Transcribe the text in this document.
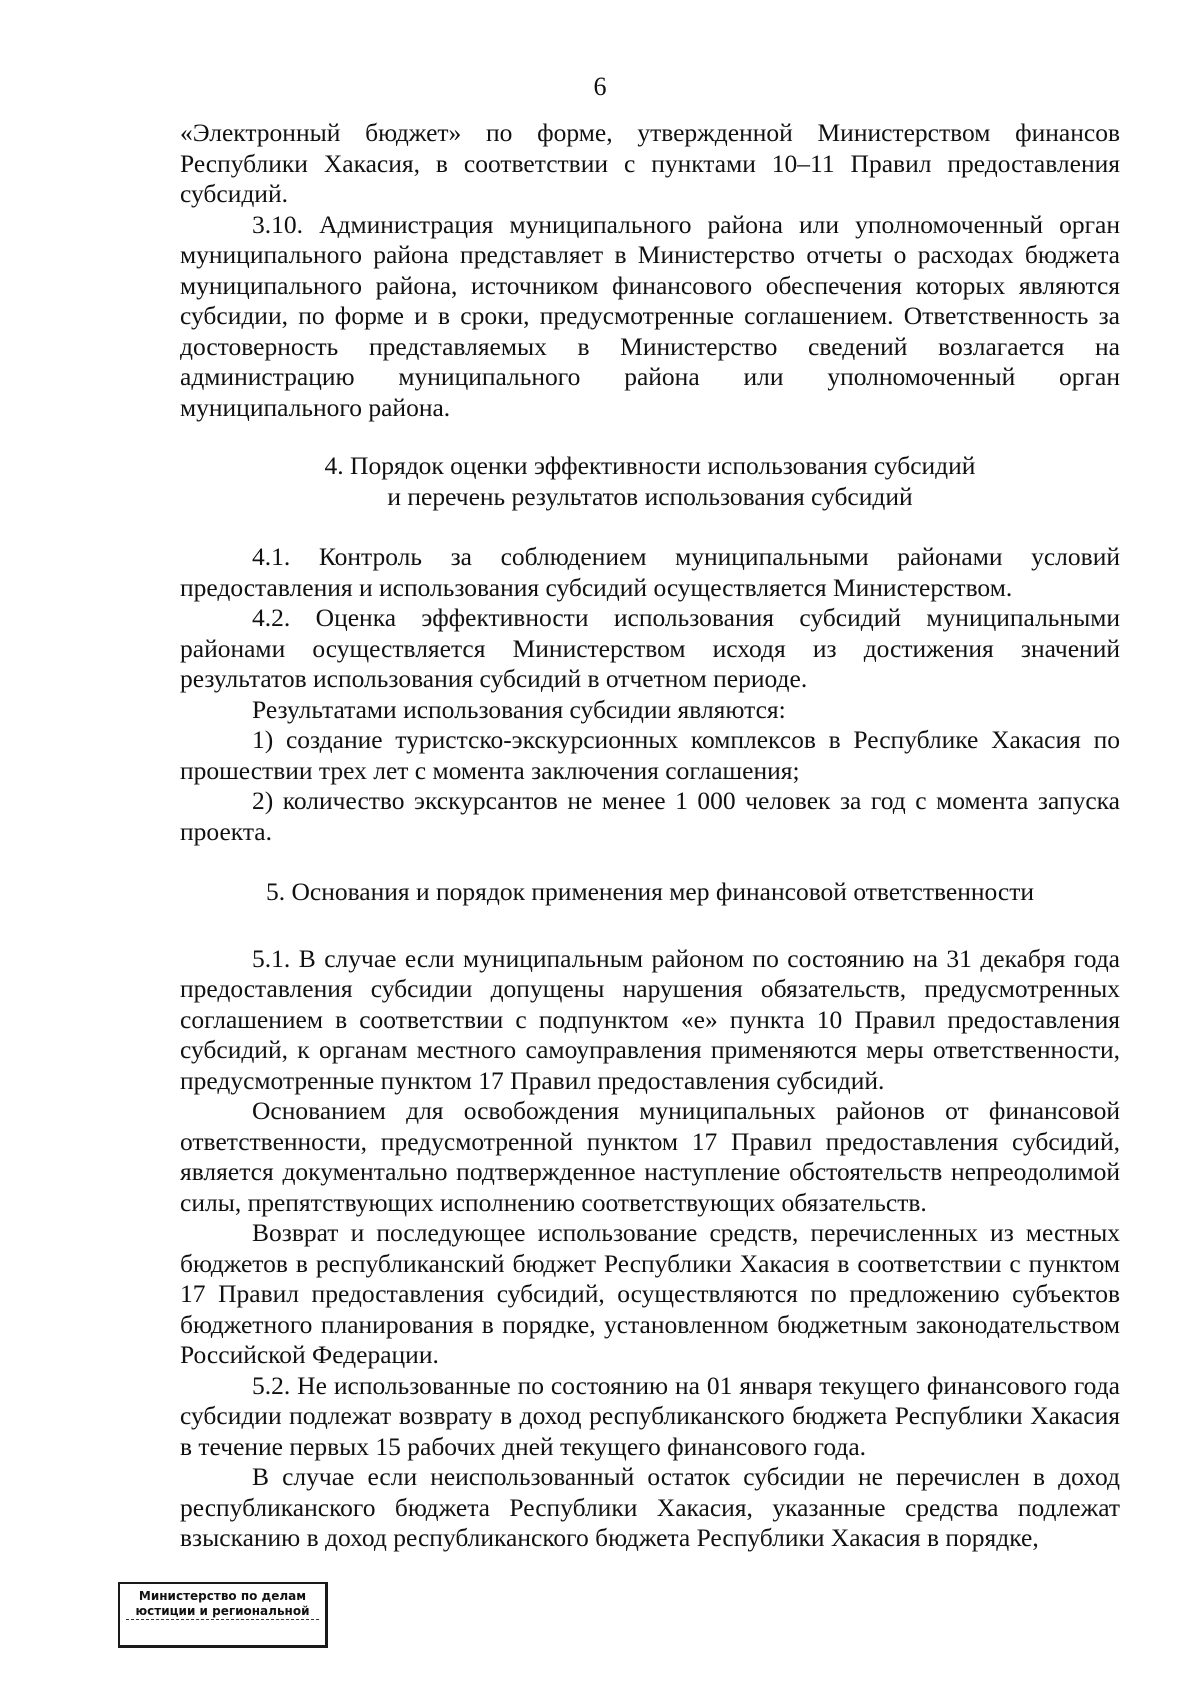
6

«Электронный бюджет» по форме, утвержденной Министерством финансов Республики Хакасия, в соответствии с пунктами 10–11 Правил предоставления субсидий.

3.10. Администрация муниципального района или уполномоченный орган муниципального района представляет в Министерство отчеты о расходах бюджета муниципального района, источником финансового обеспечения которых являются субсидии, по форме и в сроки, предусмотренные соглашением. Ответственность за достоверность представляемых в Министерство сведений возлагается на администрацию муниципального района или уполномоченный орган муниципального района.

4. Порядок оценки эффективности использования субсидий
и перечень результатов использования субсидий

4.1. Контроль за соблюдением муниципальными районами условий предоставления и использования субсидий осуществляется Министерством.

4.2. Оценка эффективности использования субсидий муниципальными районами осуществляется Министерством исходя из достижения значений результатов использования субсидий в отчетном периоде.

Результатами использования субсидии являются:

1) создание туристско-экскурсионных комплексов в Республике Хакасия по прошествии трех лет с момента заключения соглашения;

2) количество экскурсантов не менее 1 000 человек за год с момента запуска проекта.

5. Основания и порядок применения мер финансовой ответственности

5.1. В случае если муниципальным районом по состоянию на 31 декабря года предоставления субсидии допущены нарушения обязательств, предусмотренных соглашением в соответствии с подпунктом «е» пункта 10 Правил предоставления субсидий, к органам местного самоуправления применяются меры ответственности, предусмотренные пунктом 17 Правил предоставления субсидий.

Основанием для освобождения муниципальных районов от финансовой ответственности, предусмотренной пунктом 17 Правил предоставления субсидий, является документально подтвержденное наступление обстоятельств непреодолимой силы, препятствующих исполнению соответствующих обязательств.

Возврат и последующее использование средств, перечисленных из местных бюджетов в республиканский бюджет Республики Хакасия в соответствии с пунктом 17 Правил предоставления субсидий, осуществляются по предложению субъектов бюджетного планирования в порядке, установленном бюджетным законодательством Российской Федерации.

5.2. Не использованные по состоянию на 01 января текущего финансового года субсидии подлежат возврату в доход республиканского бюджета Республики Хакасия в течение первых 15 рабочих дней текущего финансового года.

В случае если неиспользованный остаток субсидии не перечислен в доход республиканского бюджета Республики Хакасия, указанные средства подлежат взысканию в доход республиканского бюджета Республики Хакасия в порядке,

Министерство по делам
юстиции и региональной
